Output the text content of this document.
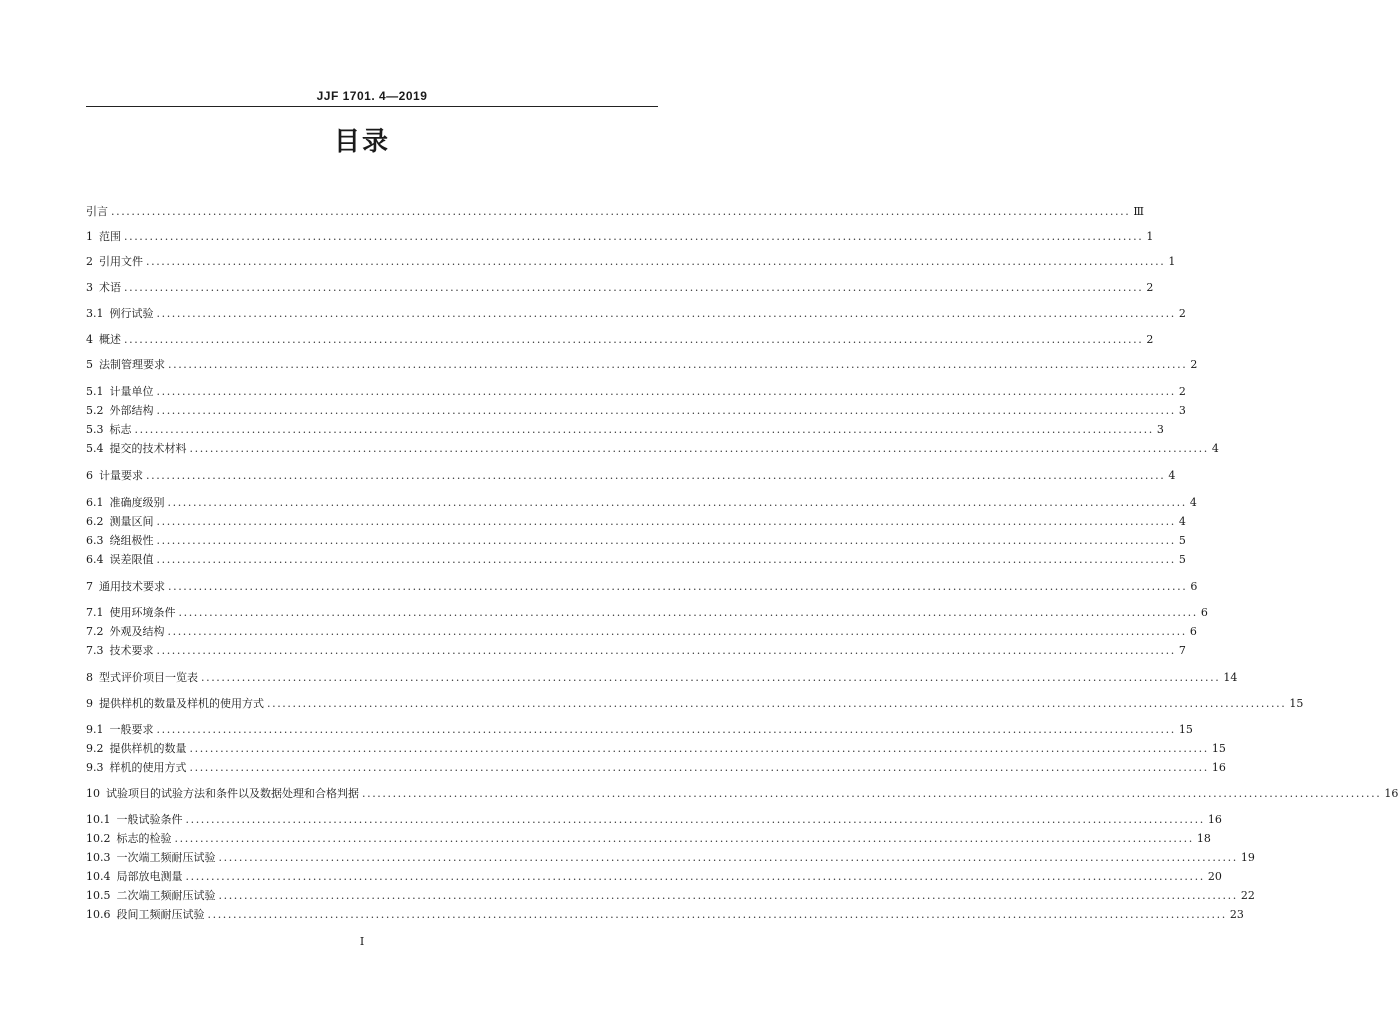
JJF 1701. 4—2019
目录
引言 ........................................................................................................................................................................................................ Ⅲ
1 范围 ........................................................................................................................................................................................................ 1
2 引用文件 ........................................................................................................................................................................................................ 1
3 术语 ........................................................................................................................................................................................................ 2
3.1 例行试验 ........................................................................................................................................................................................................ 2
4 概述 ........................................................................................................................................................................................................ 2
5 法制管理要求 ........................................................................................................................................................................................................ 2
5.1 计量单位 ........................................................................................................................................................................................................ 2
5.2 外部结构 ........................................................................................................................................................................................................ 3
5.3 标志 ........................................................................................................................................................................................................ 3
5.4 提交的技术材料 ........................................................................................................................................................................................................ 4
6 计量要求 ........................................................................................................................................................................................................ 4
6.1 准确度级别 ........................................................................................................................................................................................................ 4
6.2 测量区间 ........................................................................................................................................................................................................ 4
6.3 绕组极性 ........................................................................................................................................................................................................ 5
6.4 误差限值 ........................................................................................................................................................................................................ 5
7 通用技术要求 ........................................................................................................................................................................................................ 6
7.1 使用环境条件 ........................................................................................................................................................................................................ 6
7.2 外观及结构 ........................................................................................................................................................................................................ 6
7.3 技术要求 ........................................................................................................................................................................................................ 7
8 型式评价项目一览表 ........................................................................................................................................................................................................ 14
9 提供样机的数量及样机的使用方式 ........................................................................................................................................................................................................ 15
9.1 一般要求 ........................................................................................................................................................................................................ 15
9.2 提供样机的数量 ........................................................................................................................................................................................................ 15
9.3 样机的使用方式 ........................................................................................................................................................................................................ 16
10 试验项目的试验方法和条件以及数据处理和合格判据 ........................................................................................................................................................................................................ 16
10.1 一般试验条件 ........................................................................................................................................................................................................ 16
10.2 标志的检验 ........................................................................................................................................................................................................ 18
10.3 一次端工频耐压试验 ........................................................................................................................................................................................................ 19
10.4 局部放电测量 ........................................................................................................................................................................................................ 20
10.5 二次端工频耐压试验 ........................................................................................................................................................................................................ 22
10.6 段间工频耐压试验 ........................................................................................................................................................................................................ 23
I
